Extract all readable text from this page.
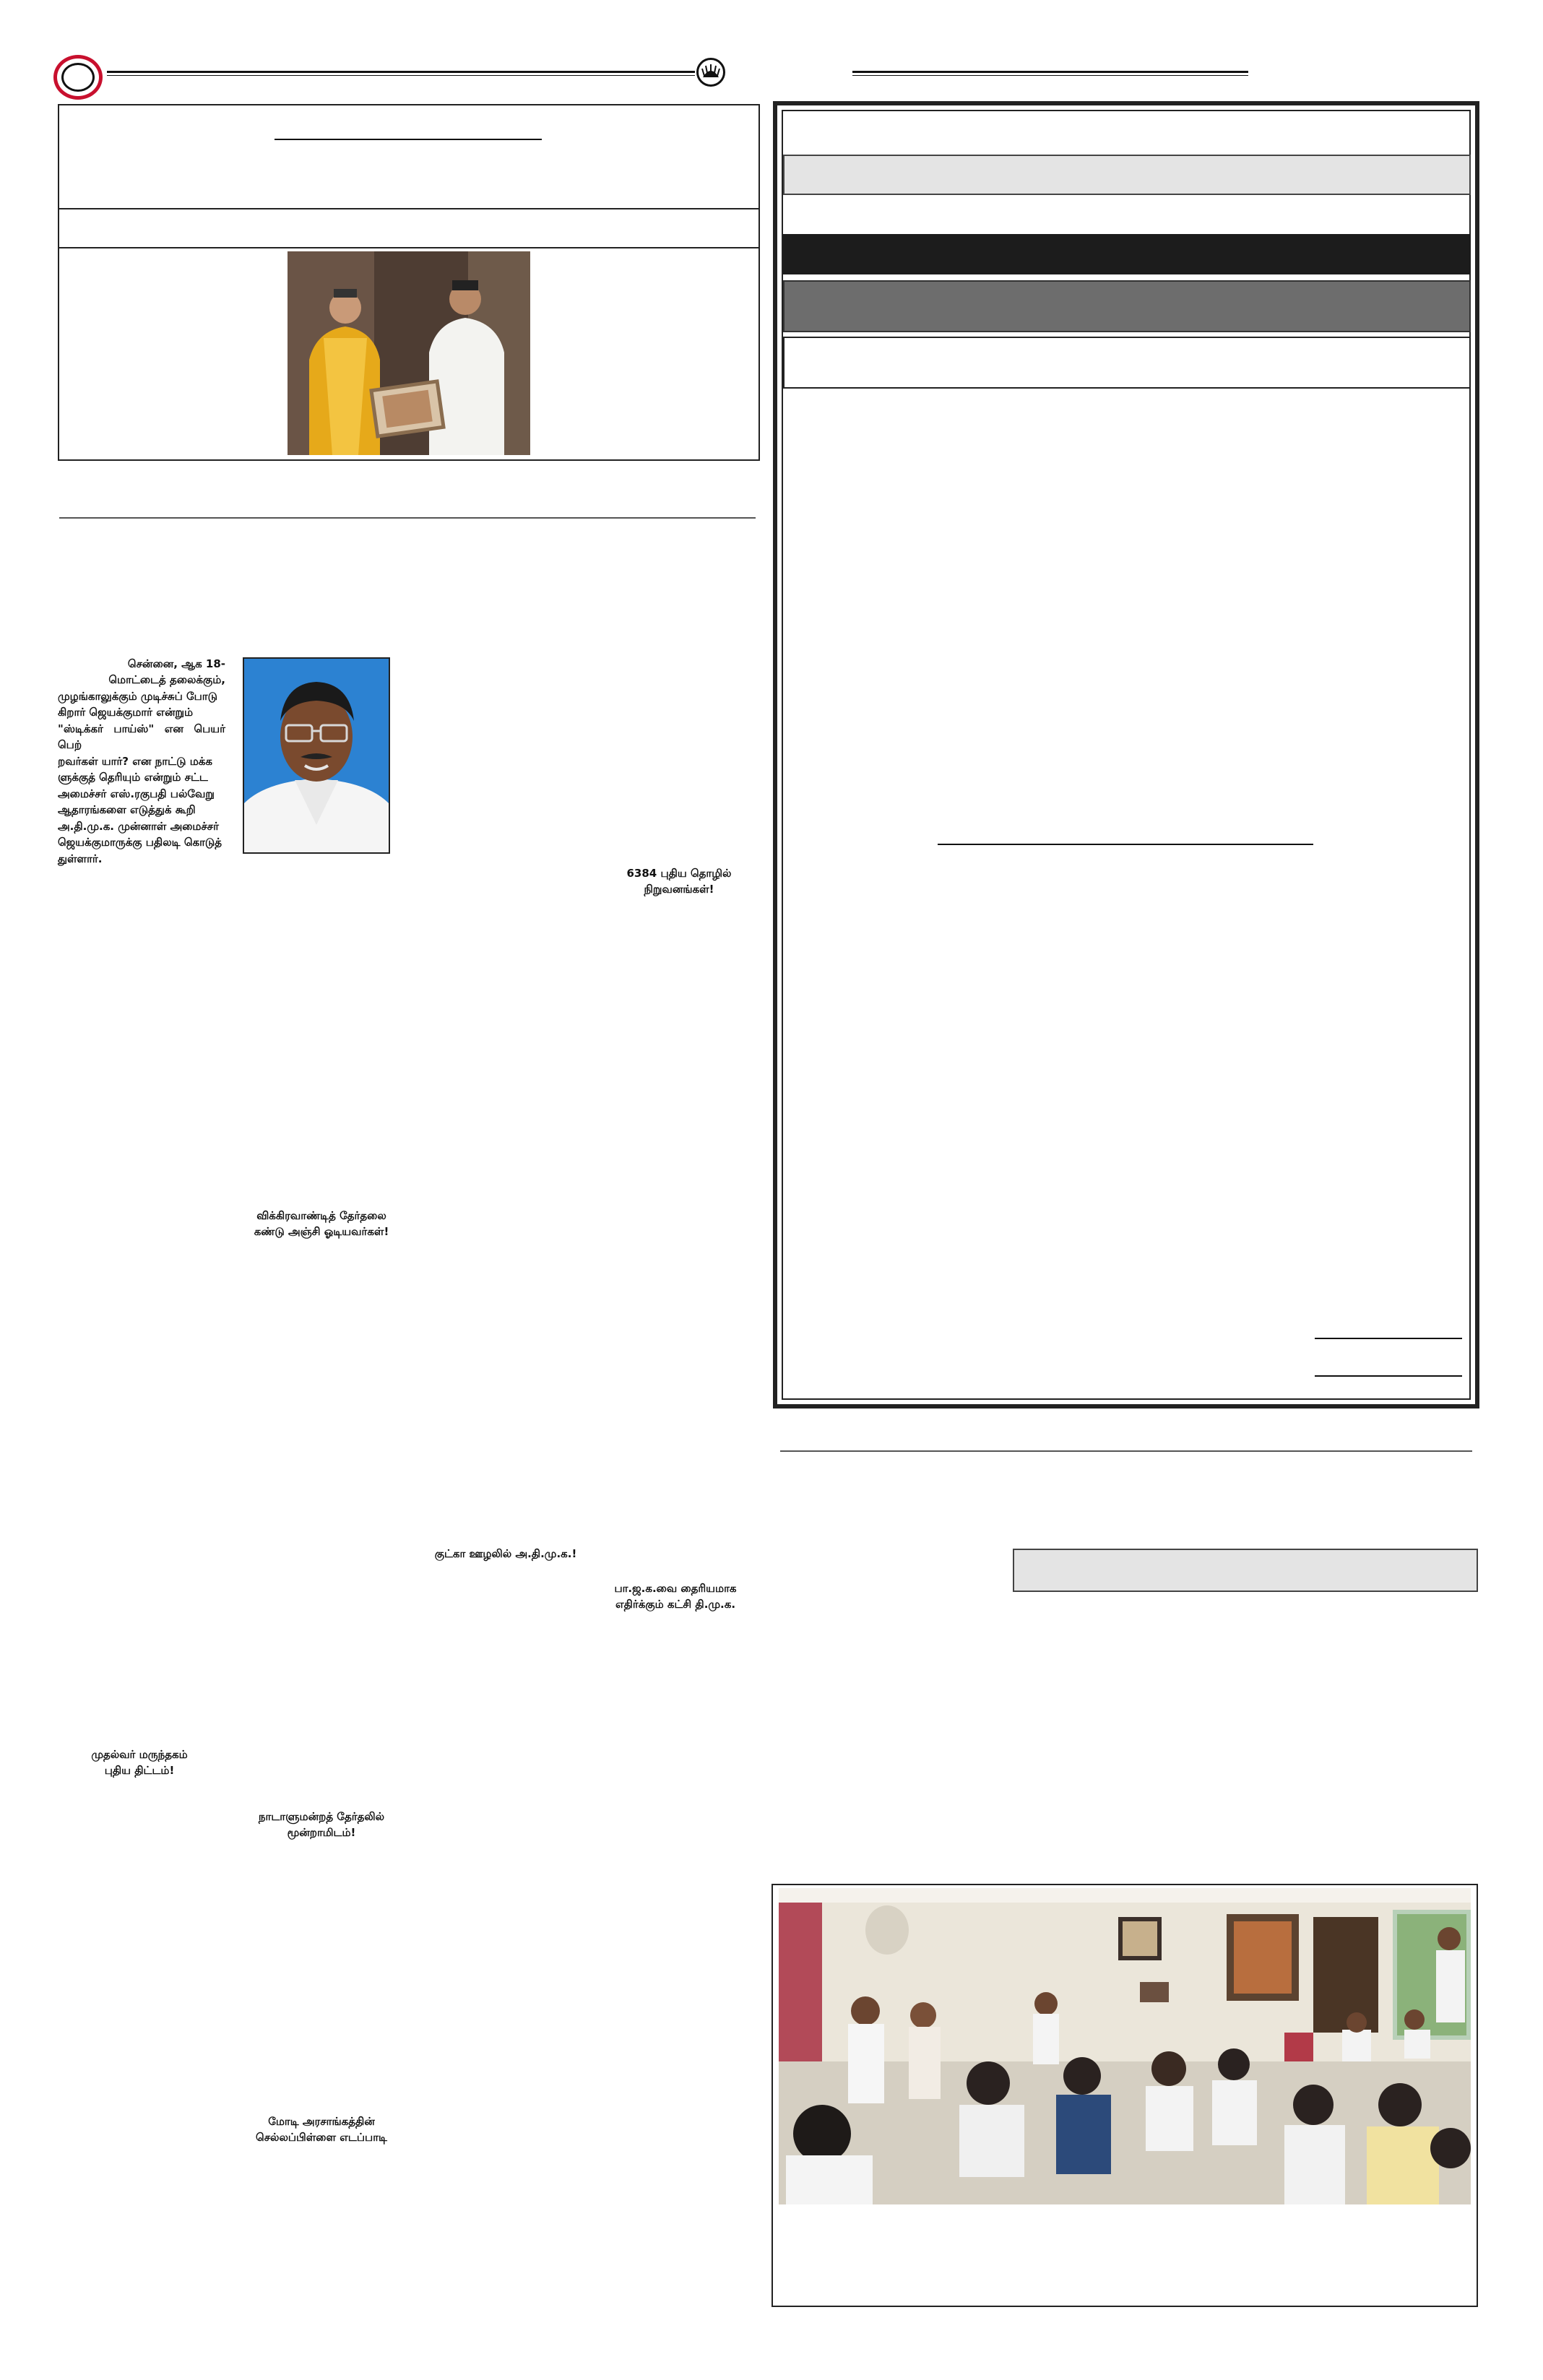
சென்னை, ஆக 18-
மொட்டைத் தலைக்கும்,
முழங்காலுக்கும் முடிச்சுப் போடு
கிறார் ஜெயக்குமார் என்றும்
"ஸ்டிக்கர் பாய்ஸ்" என பெயர் பெற்
றவர்கள் யார்? என நாட்டு மக்க
ளுக்குத் தெரியும் என்றும் சட்ட
அமைச்சர் எஸ்.ரகுபதி பல்வேறு
ஆதாரங்களை எடுத்துக் கூறி
அ.தி.மு.க. முன்னாள் அமைச்சர்
ஜெயக்குமாருக்கு பதிலடி கொடுத்
துள்ளார்.
6384 புதிய தொழில்
நிறுவனங்கள்!
விக்கிரவாண்டித் தேர்தலை
கண்டு அஞ்சி ஓடியவர்கள்!
குட்கா ஊழலில் அ.தி.மு.க.!
பா.ஜ.க.வை தைரியமாக
எதிர்க்கும் கட்சி தி.மு.க.
முதல்வர் மருந்தகம்
புதிய திட்டம்!
நாடாளுமன்றத் தேர்தலில்
மூன்றாமிடம்!
மோடி அரசாங்கத்தின்
செல்லப்பிள்ளை எடப்பாடி
